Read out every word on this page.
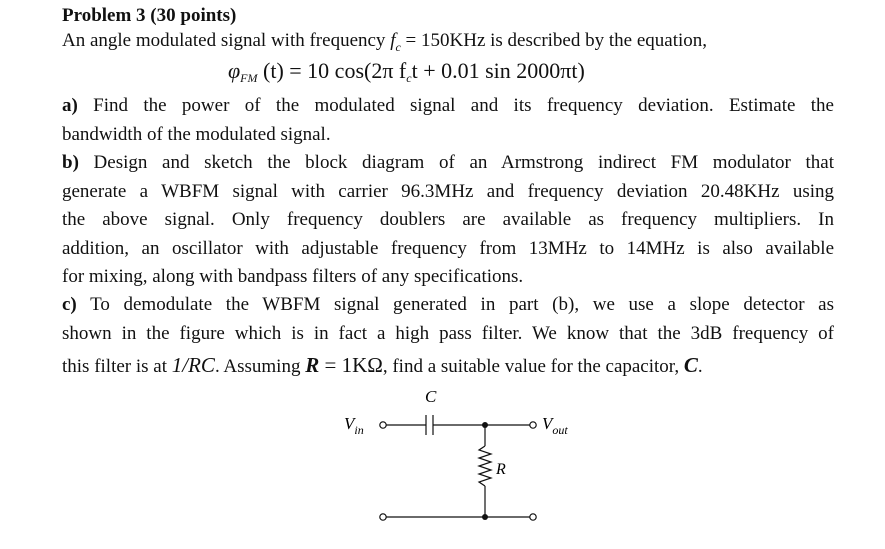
Problem 3 (30 points)
An angle modulated signal with frequency $f_c = 150KHz$ is described by the equation,
$\varphi_{FM}$ (t) = 10 cos(2π $f_ct + 0.01$ sin 2000πt)
a) Find the power of the modulated signal and its frequency deviation. Estimate the
bandwidth of the modulated signal.
b) Design and sketch the block diagram of an Armstrong indirect FM modulator that
generate a WBFM signal with carrier 96.3MHz and frequency deviation 20.48KHz using
the above signal. Only frequency doublers are available as frequency multipliers. In
addition, an oscillator with adjustable frequency from 13MHz to 14MHz is also available
for mixing, along with bandpass filters of any specifications.
c) To demodulate the WBFM signal generated in part (b), we use a slope detector as
shown in the figure which is in fact a high pass filter. We know that the 3dB frequency of
this filter is at 1/RC. Assuming R = 1KΩ, find a suitable value for the capacitor, C.
C
R
$V_{in}$	$V_{out}$
